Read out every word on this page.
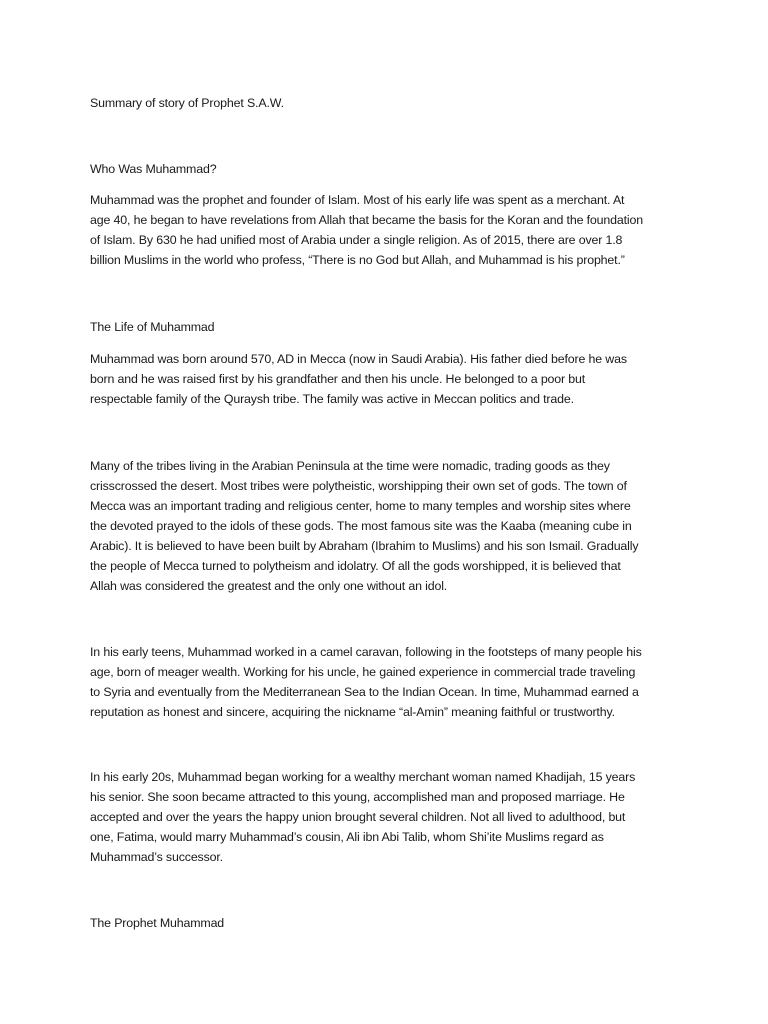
Summary of story of Prophet S.A.W.
Who Was Muhammad?

Muhammad was the prophet and founder of Islam. Most of his early life was spent as a merchant. At

age 40, he began to have revelations from Allah that became the basis for the Koran and the foundation

of Islam. By 630 he had unified most of Arabia under a single religion. As of 2015, there are over 1.8

billion Muslims in the world who profess, “There is no God but Allah, and Muhammad is his prophet.”

The Life of Muhammad

Muhammad was born around 570, AD in Mecca (now in Saudi Arabia). His father died before he was

born and he was raised first by his grandfather and then his uncle. He belonged to a poor but

respectable family of the Quraysh tribe. The family was active in Meccan politics and trade.

Many of the tribes living in the Arabian Peninsula at the time were nomadic, trading goods as they

crisscrossed the desert. Most tribes were polytheistic, worshipping their own set of gods. The town of

Mecca was an important trading and religious center, home to many temples and worship sites where

the devoted prayed to the idols of these gods. The most famous site was the Kaaba (meaning cube in

Arabic). It is believed to have been built by Abraham (Ibrahim to Muslims) and his son Ismail. Gradually

the people of Mecca turned to polytheism and idolatry. Of all the gods worshipped, it is believed that

Allah was considered the greatest and the only one without an idol.

In his early teens, Muhammad worked in a camel caravan, following in the footsteps of many people his

age, born of meager wealth. Working for his uncle, he gained experience in commercial trade traveling

to Syria and eventually from the Mediterranean Sea to the Indian Ocean. In time, Muhammad earned a

reputation as honest and sincere, acquiring the nickname “al-Amin” meaning faithful or trustworthy.

In his early 20s, Muhammad began working for a wealthy merchant woman named Khadijah, 15 years

his senior. She soon became attracted to this young, accomplished man and proposed marriage. He

accepted and over the years the happy union brought several children. Not all lived to adulthood, but

one, Fatima, would marry Muhammad’s cousin, Ali ibn Abi Talib, whom Shi’ite Muslims regard as

Muhammad’s successor.

The Prophet Muhammad
